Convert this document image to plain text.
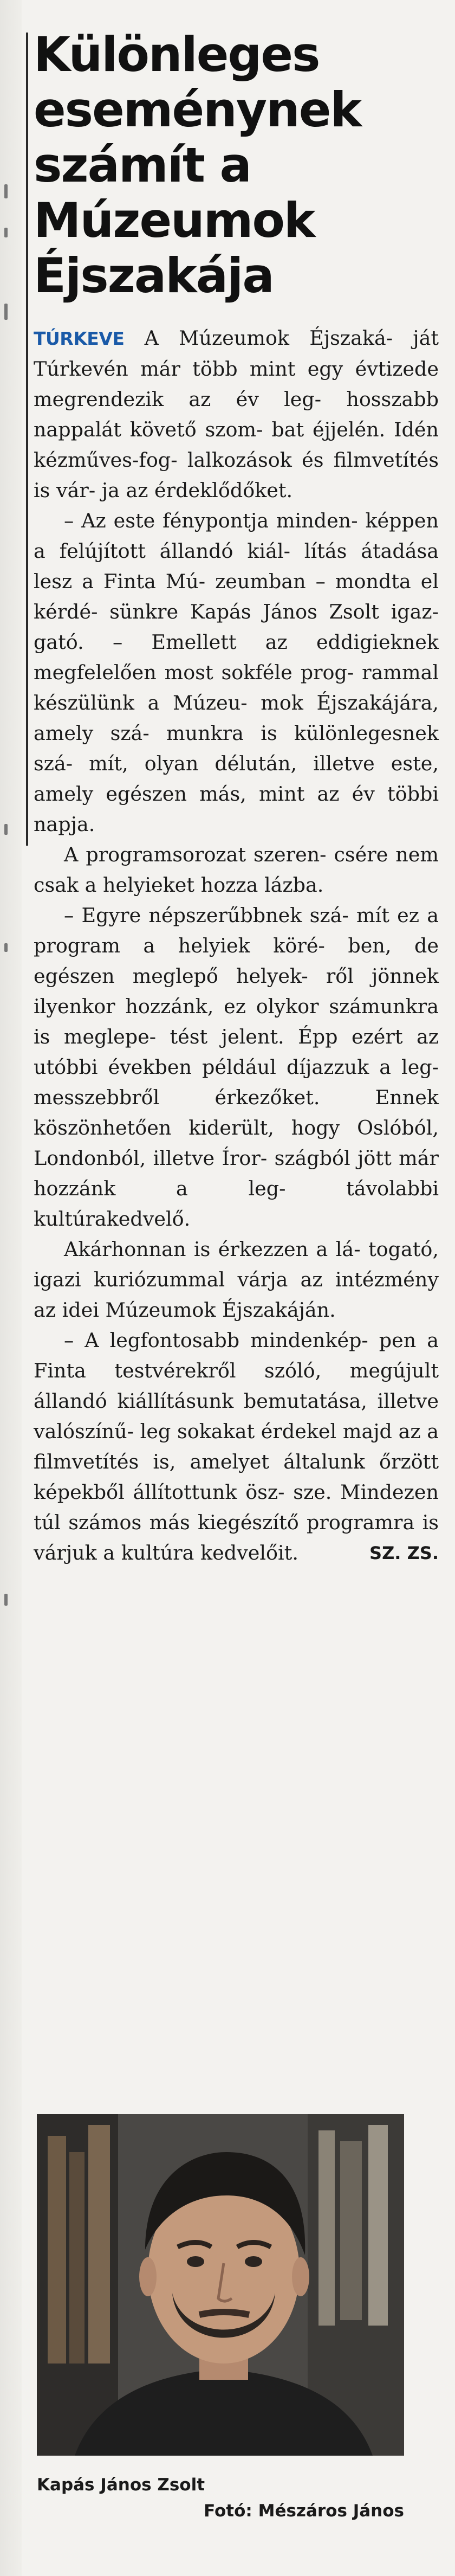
Különleges eseménynek számít a Múzeumok Éjszakája

TÚRKEVE A Múzeumok Éjszaká- ját Túrkevén már több mint egy évtizede megrendezik az év leg- hosszabb nappalát követő szom- bat éjjelén. Idén kézműves-fog- lalkozások és filmvetítés is vár- ja az érdeklődőket.

– Az este fénypontja minden- képpen a felújított állandó kiál- lítás átadása lesz a Finta Mú- zeumban – mondta el kérdé- sünkre Kapás János Zsolt igaz- gató. – Emellett az eddigieknek megfelelően most sokféle prog- rammal készülünk a Múzeu- mok Éjszakájára, amely szá- munkra is különlegesnek szá- mít, olyan délután, illetve este, amely egészen más, mint az év többi napja.

A programsorozat szeren- csére nem csak a helyieket hozza lázba.

– Egyre népszerűbbnek szá- mít ez a program a helyiek köré- ben, de egészen meglepő helyek- ről jönnek ilyenkor hozzánk, ez olykor számunkra is meglepe- tést jelent. Épp ezért az utóbbi években például díjazzuk a leg- messzebbről érkezőket. Ennek köszönhetően kiderült, hogy Oslóból, Londonból, illetve Íror- szágból jött már hozzánk a leg- távolabbi kultúrakedvelő.

Akárhonnan is érkezzen a lá- togató, igazi kuriózummal várja az intézmény az idei Múzeumok Éjszakáján.

– A legfontosabb mindenkép- pen a Finta testvérekről szóló, megújult állandó kiállításunk bemutatása, illetve valószínű- leg sokakat érdekel majd az a filmvetítés is, amelyet általunk őrzött képekből állítottunk ösz- sze. Mindezen túl számos más kiegészítő programra is várjuk a kultúra kedvelőit.	SZ. ZS.

Kapás János Zsolt
Fotó: Mészáros János
